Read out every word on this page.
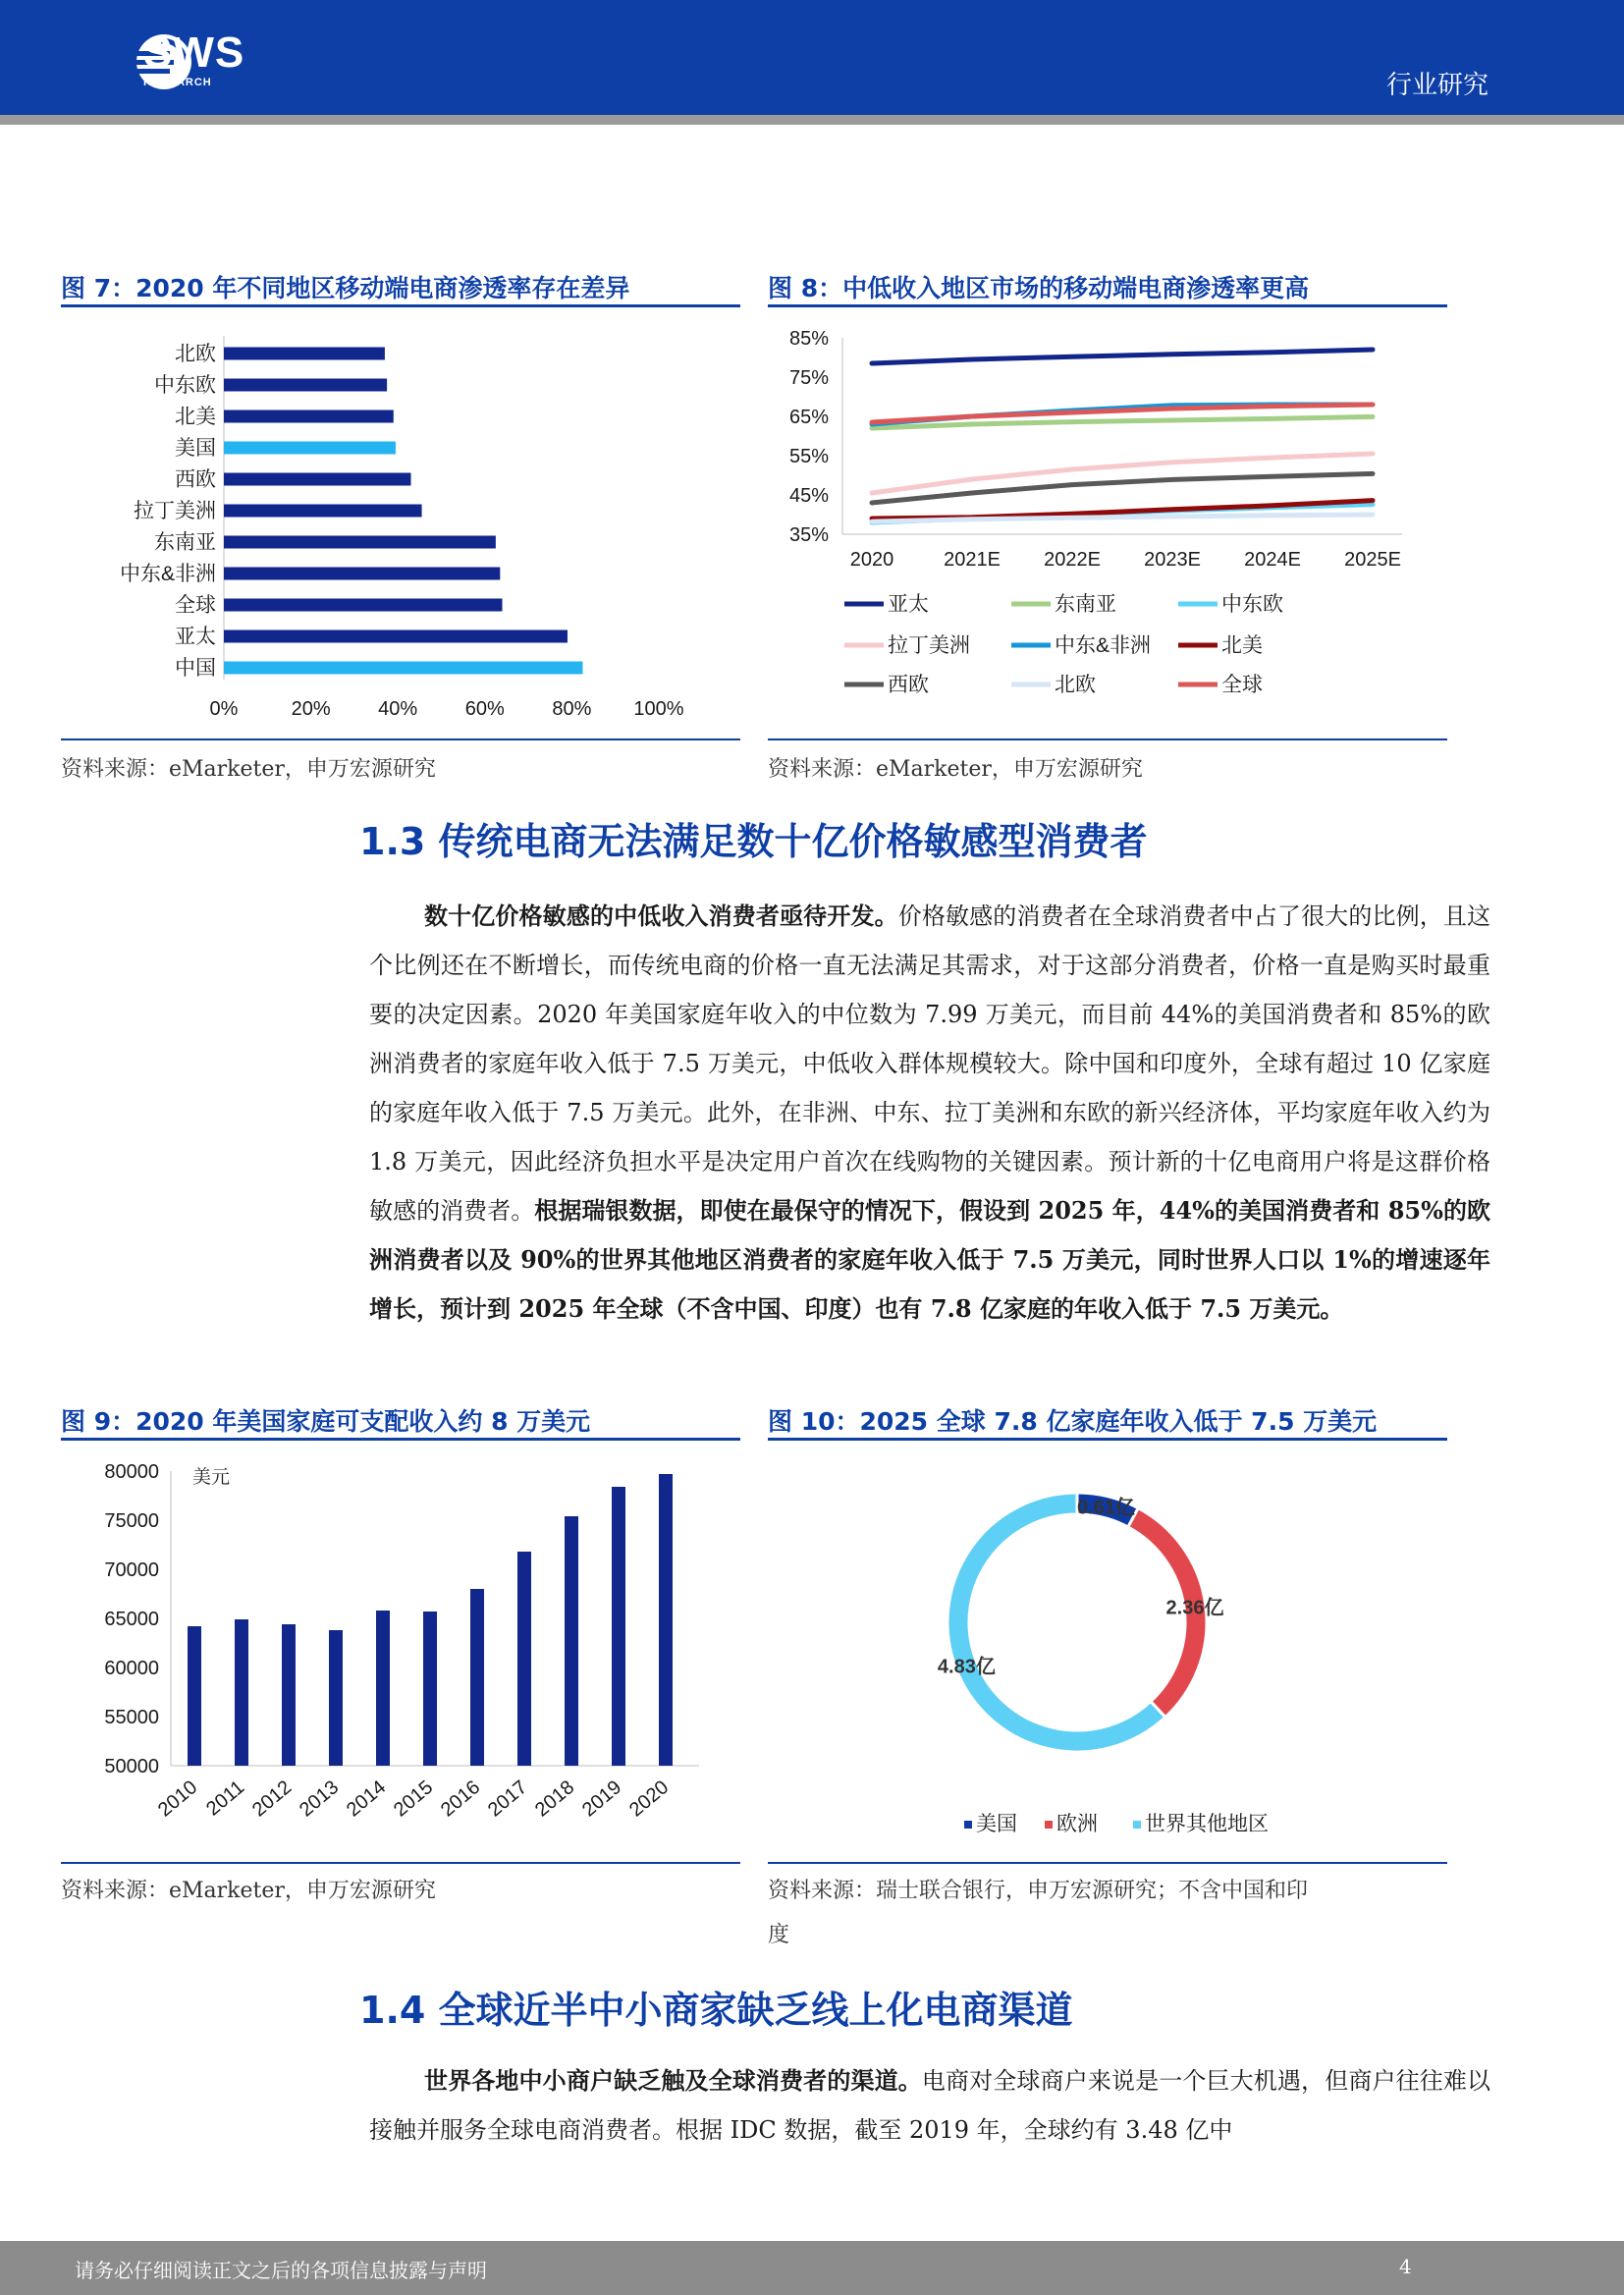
SWS
RESEARCH	行业研究
图 7：2020 年不同地区移动端电商渗透率存在差异
北欧
中东欧
北美
美国
西欧
拉丁美洲
东南亚
中东&非洲
全球
亚太
中国
0%	20% 40% 60% 80% 100%
资料来源：eMarketer，申万宏源研究
图 8：中低收入地区市场的移动端电商渗透率更高
85%
75%
65%
55%
45%
35%
2020	2021E 2022E 2023E 2024E 2025E
亚太	东南亚	中东欧
拉丁美洲	中东&非洲	北美
西欧	北欧	全球
资料来源：eMarketer，申万宏源研究
1.3 传统电商无法满足数十亿价格敏感型消费者
数十亿价格敏感的中低收入消费者亟待开发。价格敏感的消费者在全球消费者中占了很大的比例，且这个比例还在不断增长，而传统电商的价格一直无法满足其需求，对于这部分消费者，价格一直是购买时最重要的决定因素。2020 年美国家庭年收入的中位数为 7.99 万美元，而目前 44%的美国消费者和 85%的欧洲消费者的家庭年收入低于 7.5 万美元，中低收入群体规模较大。除中国和印度外，全球有超过 10 亿家庭的家庭年收入低于 7.5 万美元。此外，在非洲、中东、拉丁美洲和东欧的新兴经济体，平均家庭年收入约为 1.8 万美元，因此经济负担水平是决定用户首次在线购物的关键因素。预计新的十亿电商用户将是这群价格敏感的消费者。根据瑞银数据，即使在最保守的情况下，假设到 2025 年，44%的美国消费者和 85%的欧洲消费者以及 90%的世界其他地区消费者的家庭年收入低于 7.5 万美元，同时世界人口以 1%的增速逐年增长，预计到 2025 年全球（不含中国、印度）也有 7.8 亿家庭的年收入低于 7.5 万美元。
图 9：2020 年美国家庭可支配收入约 8 万美元
80000
75000
70000
65000
60000
55000
50000
美元
2010 2011 2012 2013 2014 2015 2016 2017 2018 2019 2020
资料来源：eMarketer，申万宏源研究
图 10：2025 全球 7.8 亿家庭年收入低于 7.5 万美元
0.61亿
2.36亿
4.83亿
美国 欧洲 世界其他地区
资料来源：瑞士联合银行，申万宏源研究；不含中国和印
度
1.4 全球近半中小商家缺乏线上化电商渠道
世界各地中小商户缺乏触及全球消费者的渠道。电商对全球商户来说是一个巨大机遇，但商户往往难以接触并服务全球电商消费者。根据 IDC 数据，截至 2019 年，全球约有 3.48 亿中
请务必仔细阅读正文之后的各项信息披露与声明	4
